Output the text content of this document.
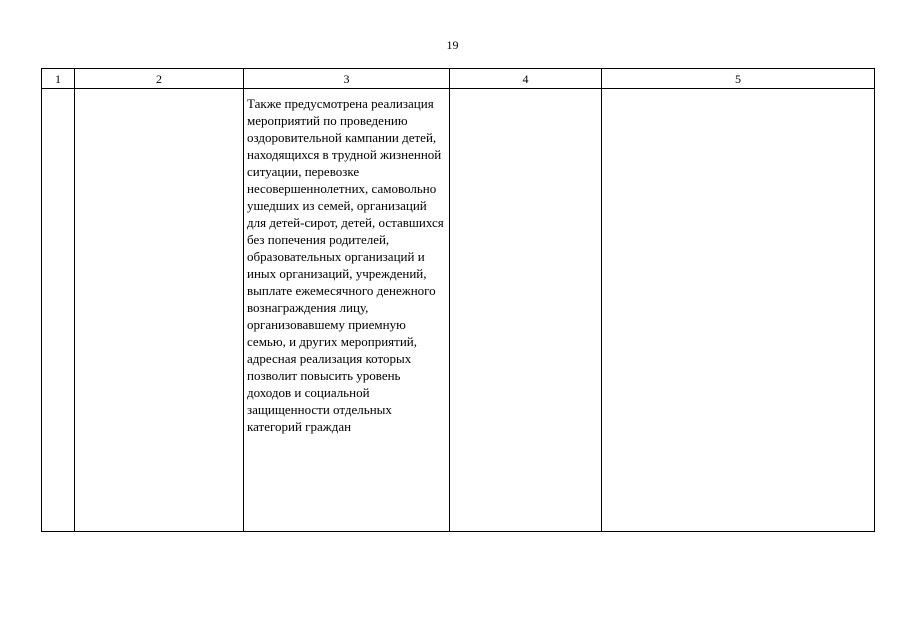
19
1	2	3	4	5

		Также предусмотрена реализация мероприятий по проведению оздоровительной кампании детей, находящихся в трудной жизненной ситуации, перевозке несовершеннолетних, самовольно ушедших из семей, организаций для детей-сирот, детей, оставшихся без попечения родителей, образовательных организаций и иных организаций, учреждений, выплате ежемесячного денежного вознаграждения лицу, организовавшему приемную семью, и других мероприятий, адресная реализация которых позволит повысить уровень доходов и социальной защищенности отдельных категорий граждан		
